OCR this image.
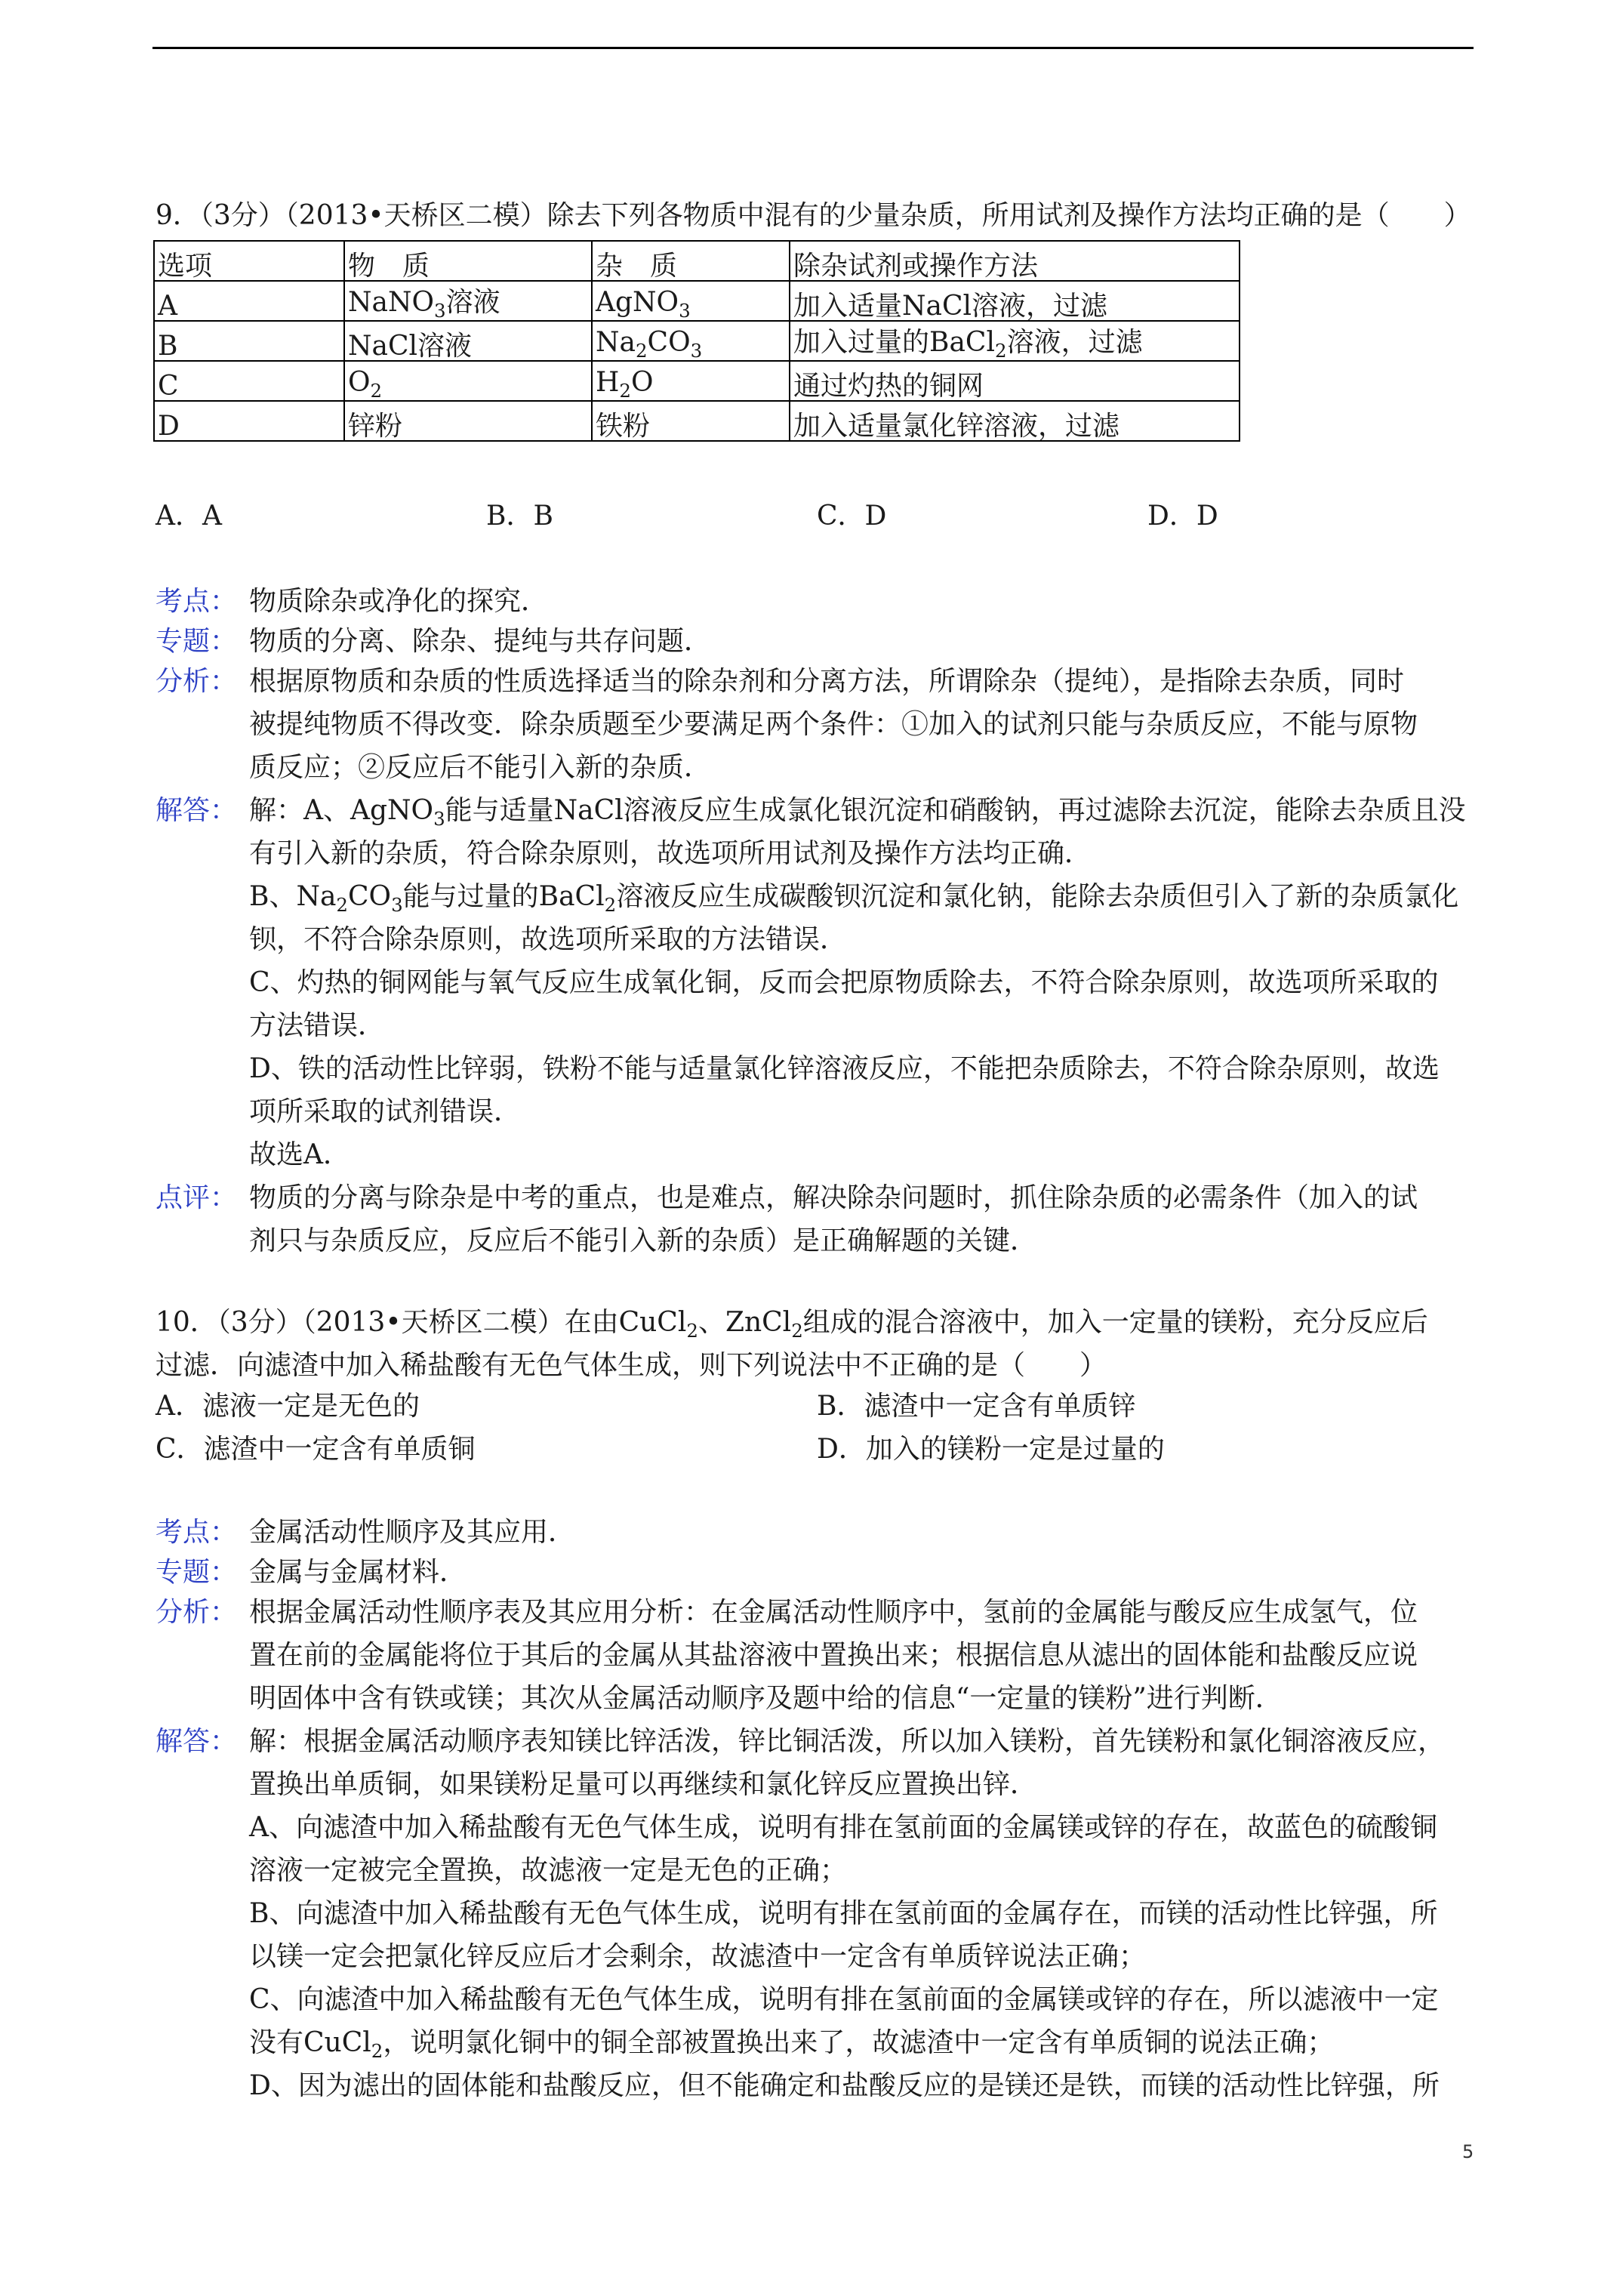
9．（3分）（2013•天桥区二模）除去下列各物质中混有的少量杂质，所用试剂及操作方法均正确的是（　　）
选项	物　质	杂　质	除杂试剂或操作方法
A	NaNO$_3$溶液	AgNO$_3$	加入适量NaCl溶液，过滤
B	NaCl溶液	$Na_2CO_3$	加入过量的BaCl$_2$溶液，过滤
C	$O_2$	$H_2O$	通过灼热的铜网
D	锌粉	铁粉	加入适量氯化锌溶液，过滤
A．A	B．B	C．D	D．D
考点： 物质除杂或净化的探究．
专题： 物质的分离、除杂、提纯与共存问题．
分析： 根据原物质和杂质的性质选择适当的除杂剂和分离方法，所谓除杂（提纯），是指除去杂质，同时
被提纯物质不得改变．除杂质题至少要满足两个条件：①加入的试剂只能与杂质反应，不能与原物
质反应；②反应后不能引入新的杂质．
解答： 解：A、AgNO$_3$能与适量NaCl溶液反应生成氯化银沉淀和硝酸钠，再过滤除去沉淀，能除去杂质且没
有引入新的杂质，符合除杂原则，故选项所用试剂及操作方法均正确．
B、$Na_2CO_3$能与过量的BaCl$_2$溶液反应生成碳酸钡沉淀和氯化钠，能除去杂质但引入了新的杂质氯化
钡，不符合除杂原则，故选项所采取的方法错误．
C、灼热的铜网能与氧气反应生成氧化铜，反而会把原物质除去，不符合除杂原则，故选项所采取的
方法错误．
D、铁的活动性比锌弱，铁粉不能与适量氯化锌溶液反应，不能把杂质除去，不符合除杂原则，故选
项所采取的试剂错误．
故选A．
点评： 物质的分离与除杂是中考的重点，也是难点，解决除杂问题时，抓住除杂质的必需条件（加入的试
剂只与杂质反应，反应后不能引入新的杂质）是正确解题的关键．
10．（3分）（2013•天桥区二模）在由CuCl$_2$、ZnCl$_2$组成的混合溶液中，加入一定量的镁粉，充分反应后
过滤．向滤渣中加入稀盐酸有无色气体生成，则下列说法中不正确的是（　　）
A．滤液一定是无色的	B．滤渣中一定含有单质锌
C．滤渣中一定含有单质铜	D．加入的镁粉一定是过量的
考点： 金属活动性顺序及其应用．
专题： 金属与金属材料．
分析： 根据金属活动性顺序表及其应用分析：在金属活动性顺序中，氢前的金属能与酸反应生成氢气，位
置在前的金属能将位于其后的金属从其盐溶液中置换出来；根据信息从滤出的固体能和盐酸反应说
明固体中含有铁或镁；其次从金属活动顺序及题中给的信息“一定量的镁粉”进行判断．
解答： 解：根据金属活动顺序表知镁比锌活泼，锌比铜活泼，所以加入镁粉，首先镁粉和氯化铜溶液反应，
置换出单质铜，如果镁粉足量可以再继续和氯化锌反应置换出锌．
A、向滤渣中加入稀盐酸有无色气体生成，说明有排在氢前面的金属镁或锌的存在，故蓝色的硫酸铜
溶液一定被完全置换，故滤液一定是无色的正确；
B、向滤渣中加入稀盐酸有无色气体生成，说明有排在氢前面的金属存在，而镁的活动性比锌强，所
以镁一定会把氯化锌反应后才会剩余，故滤渣中一定含有单质锌说法正确；
C、向滤渣中加入稀盐酸有无色气体生成，说明有排在氢前面的金属镁或锌的存在，所以滤液中一定
没有CuCl$_2$，说明氯化铜中的铜全部被置换出来了，故滤渣中一定含有单质铜的说法正确；
D、因为滤出的固体能和盐酸反应，但不能确定和盐酸反应的是镁还是铁，而镁的活动性比锌强，所
5
